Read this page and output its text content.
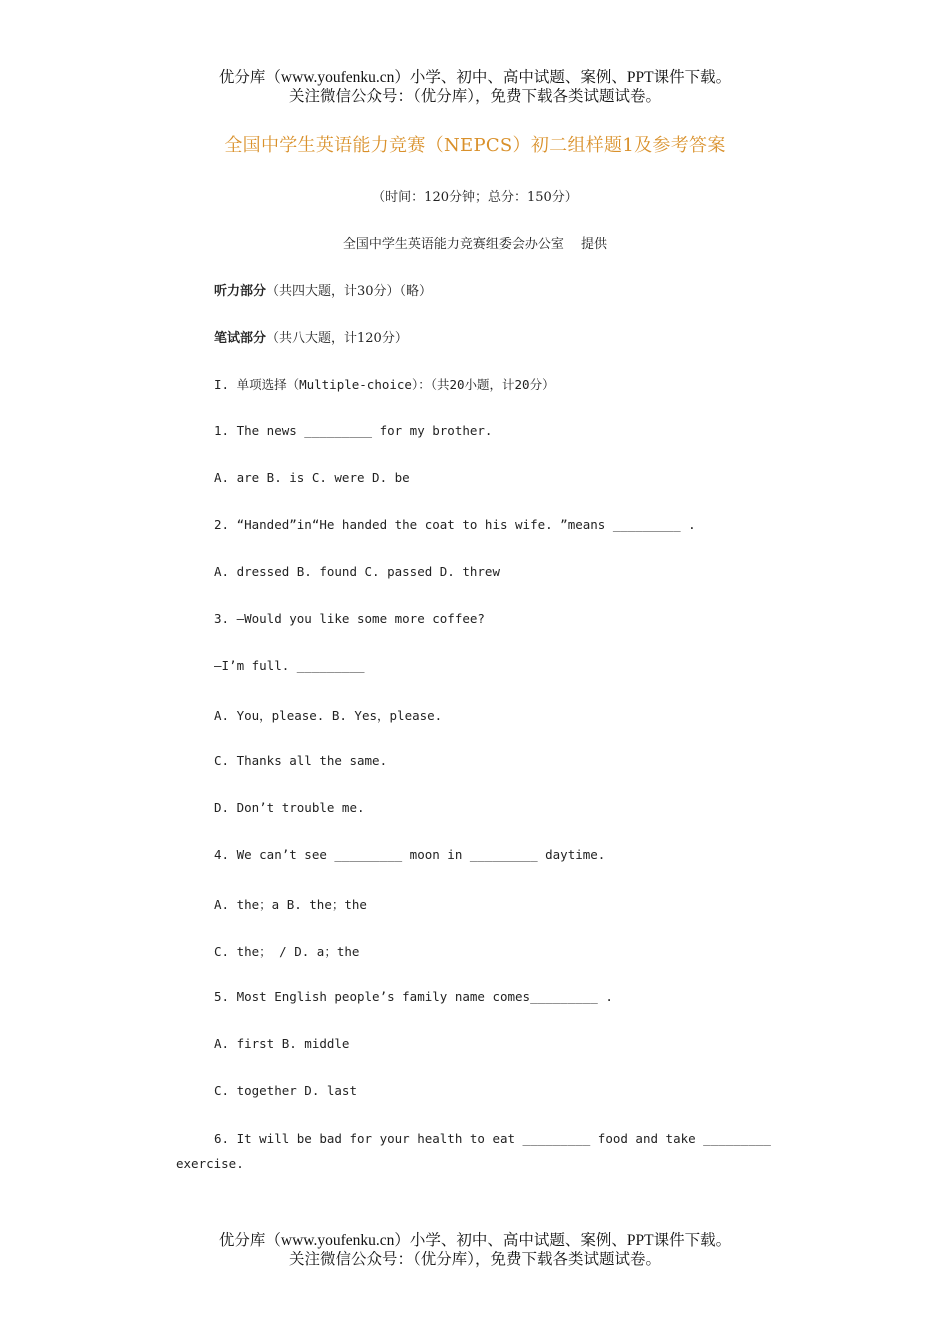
优分库（www.youfenku.cn）小学、初中、高中试题、案例、PPT课件下载。
关注微信公众号：（优分库），免费下载各类试题试卷。
全国中学生英语能力竞赛（NEPCS）初二组样题1及参考答案
（时间：120分钟；总分：150分）
全国中学生英语能力竞赛组委会办公室　 提供
听力部分（共四大题，计30分）（略）
笔试部分（共八大题，计120分）
I. 单项选择（Multiple-choice）：（共20小题，计20分）
1. The news _________ for my brother.
A. are B. is C. were D. be
2. “Handed”in“He handed the coat to his wife. ”means _________ .
A. dressed B. found C. passed D. threw
3. —Would you like some more coffee?
—I’m full. _________
A. You，please. B. Yes，please.
C. Thanks all the same.
D. Don’t trouble me.
4. We can’t see _________ moon in _________ daytime.
A. the；a B. the；the
C. the； / D. a；the
5. Most English people’s family name comes_________ .
A. first B. middle
C. together D. last
6. It will be bad for your health to eat _________ food and take _________
exercise.
优分库（www.youfenku.cn）小学、初中、高中试题、案例、PPT课件下载。
关注微信公众号：（优分库），免费下载各类试题试卷。
